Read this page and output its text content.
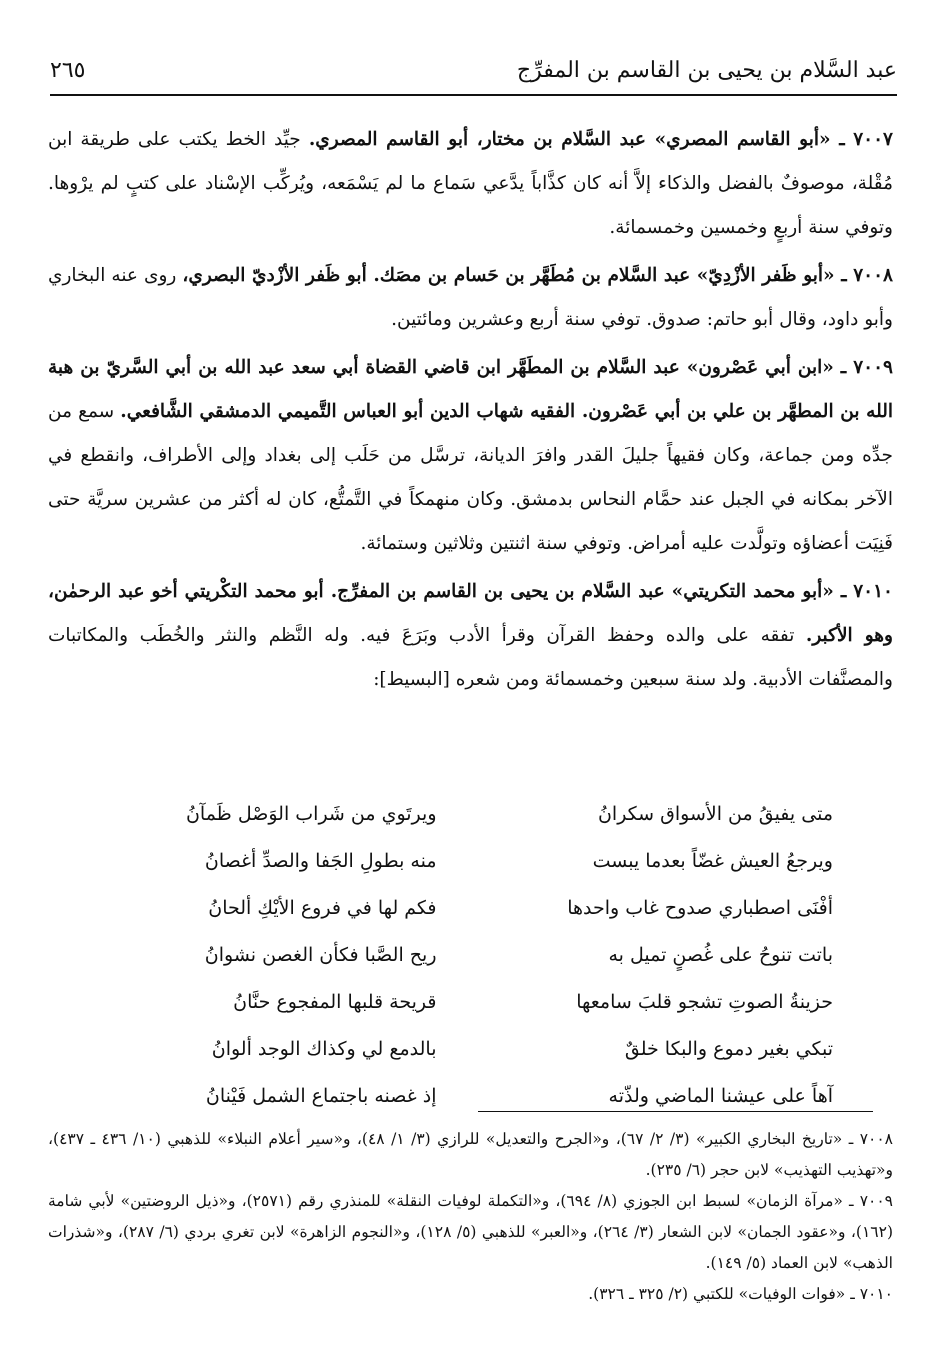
عبد السَّلام بن يحيى بن القاسم بن المفرِّج
٢٦٥

٧٠٠٧ ـ «أبو القاسم المصري» عبد السَّلام بن مختار، أبو القاسم المصري. جيِّد الخط يكتب على طريقة ابن مُقْلة، موصوفٌ بالفضل والذكاء إلاَّ أنه كان كذَّاباً يدَّعي سَماع ما لم يَسْمَعه، ويُركِّب الإسْناد على كتبٍ لم يرْوها. وتوفي سنة أربعٍ وخمسين وخمسمائة.

٧٠٠٨ ـ «أبو ظَفر الأزْدِيّ» عبد السَّلام بن مُطَهَّر بن حَسام بن مصَك. أبو ظَفر الأزْديّ البصري، روى عنه البخاري وأبو داود، وقال أبو حاتم: صدوق. توفي سنة أربع وعشرين ومائتين.

٧٠٠٩ ـ «ابن أبي عَصْرون» عبد السَّلام بن المطَهَّر ابن قاضي القضاة أبي سعد عبد الله بن أبي السَّريّ بن هبة الله بن المطهَّر بن علي بن أبي عَصْرون. الفقيه شهاب الدين أبو العباس التَّميمي الدمشقي الشَّافعي. سمع من جدِّه ومن جماعة، وكان فقيهاً جليلَ القدر وافرَ الديانة، ترسَّل من حَلَب إلى بغداد وإلى الأطراف، وانقطع في الآخر بمكانه في الجبل عند حمَّام النحاس بدمشق. وكان منهمكاً في التَّمتُّع، كان له أكثر من عشرين سريَّة حتى فَنِيَت أعضاؤه وتولَّدت عليه أمراض. وتوفي سنة اثنتين وثلاثين وستمائة.

٧٠١٠ ـ «أبو محمد التكريتي» عبد السَّلام بن يحيى بن القاسم بن المفرِّج. أبو محمد التكْريتي أخو عبد الرحمٰن، وهو الأكبر. تفقه على والده وحفظ القرآن وقرأ الأدب وبَرَعَ فيه. وله النَّظم والنثر والخُطَب والمكاتبات والمصنَّفات الأدبية. ولد سنة سبعين وخمسمائة ومن شعره [البسيط]:

متى يفيقُ من الأسواق سكرانُ
ويرتَوي من شَراب الوَصْل ظَمآنُ
ويرجعُ العيش غضّاً بعدما يبست
منه بطولِ الجَفا والصدِّ أغصانُ
أفْنَى اصطباري صدوح غاب واحدها
فكم لها في فروع الأيْكِ ألحانُ
باتت تنوحُ على غُصنٍ تميل به
ريح الصَّبا فكأن الغصن نشوانُ
حزينةُ الصوتِ تشجو قلبَ سامعها
قريحة قلبها المفجوع حنَّانُ
تبكي بغير دموع والبكا خلقٌ
بالدمع لي وكذاك الوجد ألوانُ
آهاً على عيشنا الماضي ولذّته
إذ غصنه باجتماع الشمل فَيْنانُ

٧٠٠٨ ـ «تاريخ البخاري الكبير» (٣/ ٢/ ٦٧)، و«الجرح والتعديل» للرازي (٣/ ١/ ٤٨)، و«سير أعلام النبلاء» للذهبي (١٠/ ٤٣٦ ـ ٤٣٧)، و«تهذيب التهذيب» لابن حجر (٦/ ٢٣٥).

٧٠٠٩ ـ «مرآة الزمان» لسبط ابن الجوزي (٨/ ٦٩٤)، و«التكملة لوفيات النقلة» للمنذري رقم (٢٥٧١)، و«ذيل الروضتين» لأبي شامة (١٦٢)، و«عقود الجمان» لابن الشعار (٣/ ٢٦٤)، و«العبر» للذهبي (٥/ ١٢٨)، و«النجوم الزاهرة» لابن تغري بردي (٦/ ٢٨٧)، و«شذرات الذهب» لابن العماد (٥/ ١٤٩).

٧٠١٠ ـ «فوات الوفيات» للكتبي (٢/ ٣٢٥ ـ ٣٢٦).
